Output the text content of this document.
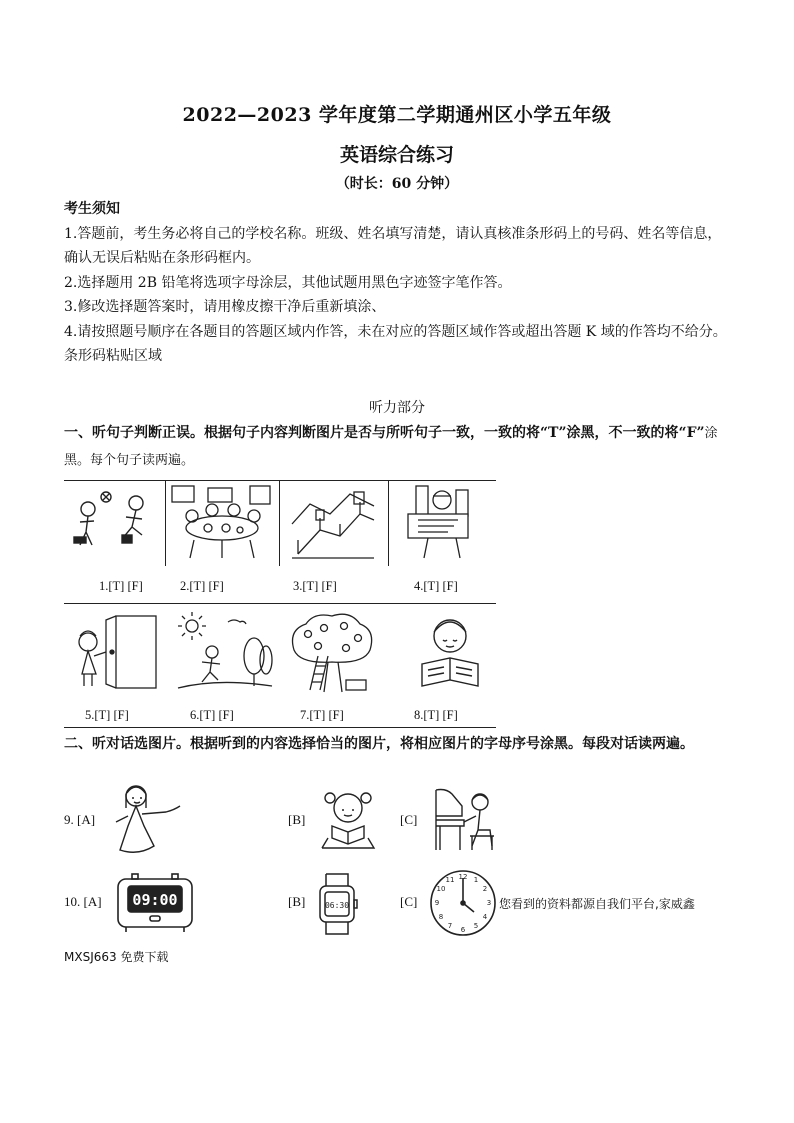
2022—2023 学年度第二学期通州区小学五年级
英语综合练习
（时长：60 分钟）
考生须知
1.答题前，考生务必将自己的学校名称。班级、姓名填写清楚，请认真核准条形码上的号码、姓名等信息，确认无误后粘贴在条形码框内。
2.选择题用 2B 铅笔将选项字母涂层，其他试题用黑色字迹签字笔作答。
3.修改选择题答案时，请用橡皮擦干净后重新填涂、
4.请按照题号顺序在各题目的答题区域内作答，未在对应的答题区域作答或超出答题 K 域的作答均不给分。
条形码粘贴区域
听力部分
一、听句子判断正误。根据句子内容判断图片是否与所听句子一致，一致的将“T”涂黑，不一致的将“F”涂黑。每个句子读两遍。
1.[T] [F]	2.[T] [F]	3.[T] [F]	4.[T] [F]
5.[T] [F]	6.[T] [F]	7.[T] [F]	8.[T] [F]
二、听对话选图片。根据听到的内容选择恰当的图片，将相应图片的字母序号涂黑。每段对话读两遍。
9. [A]	[B]	[C]
10. [A] 09:00	[B] 06:30	[C]
12 1
2
3
4
5
6
7
8
9
10
11
您看到的资料都源自我们平台,家威鑫
MXSJ663 免费下载
